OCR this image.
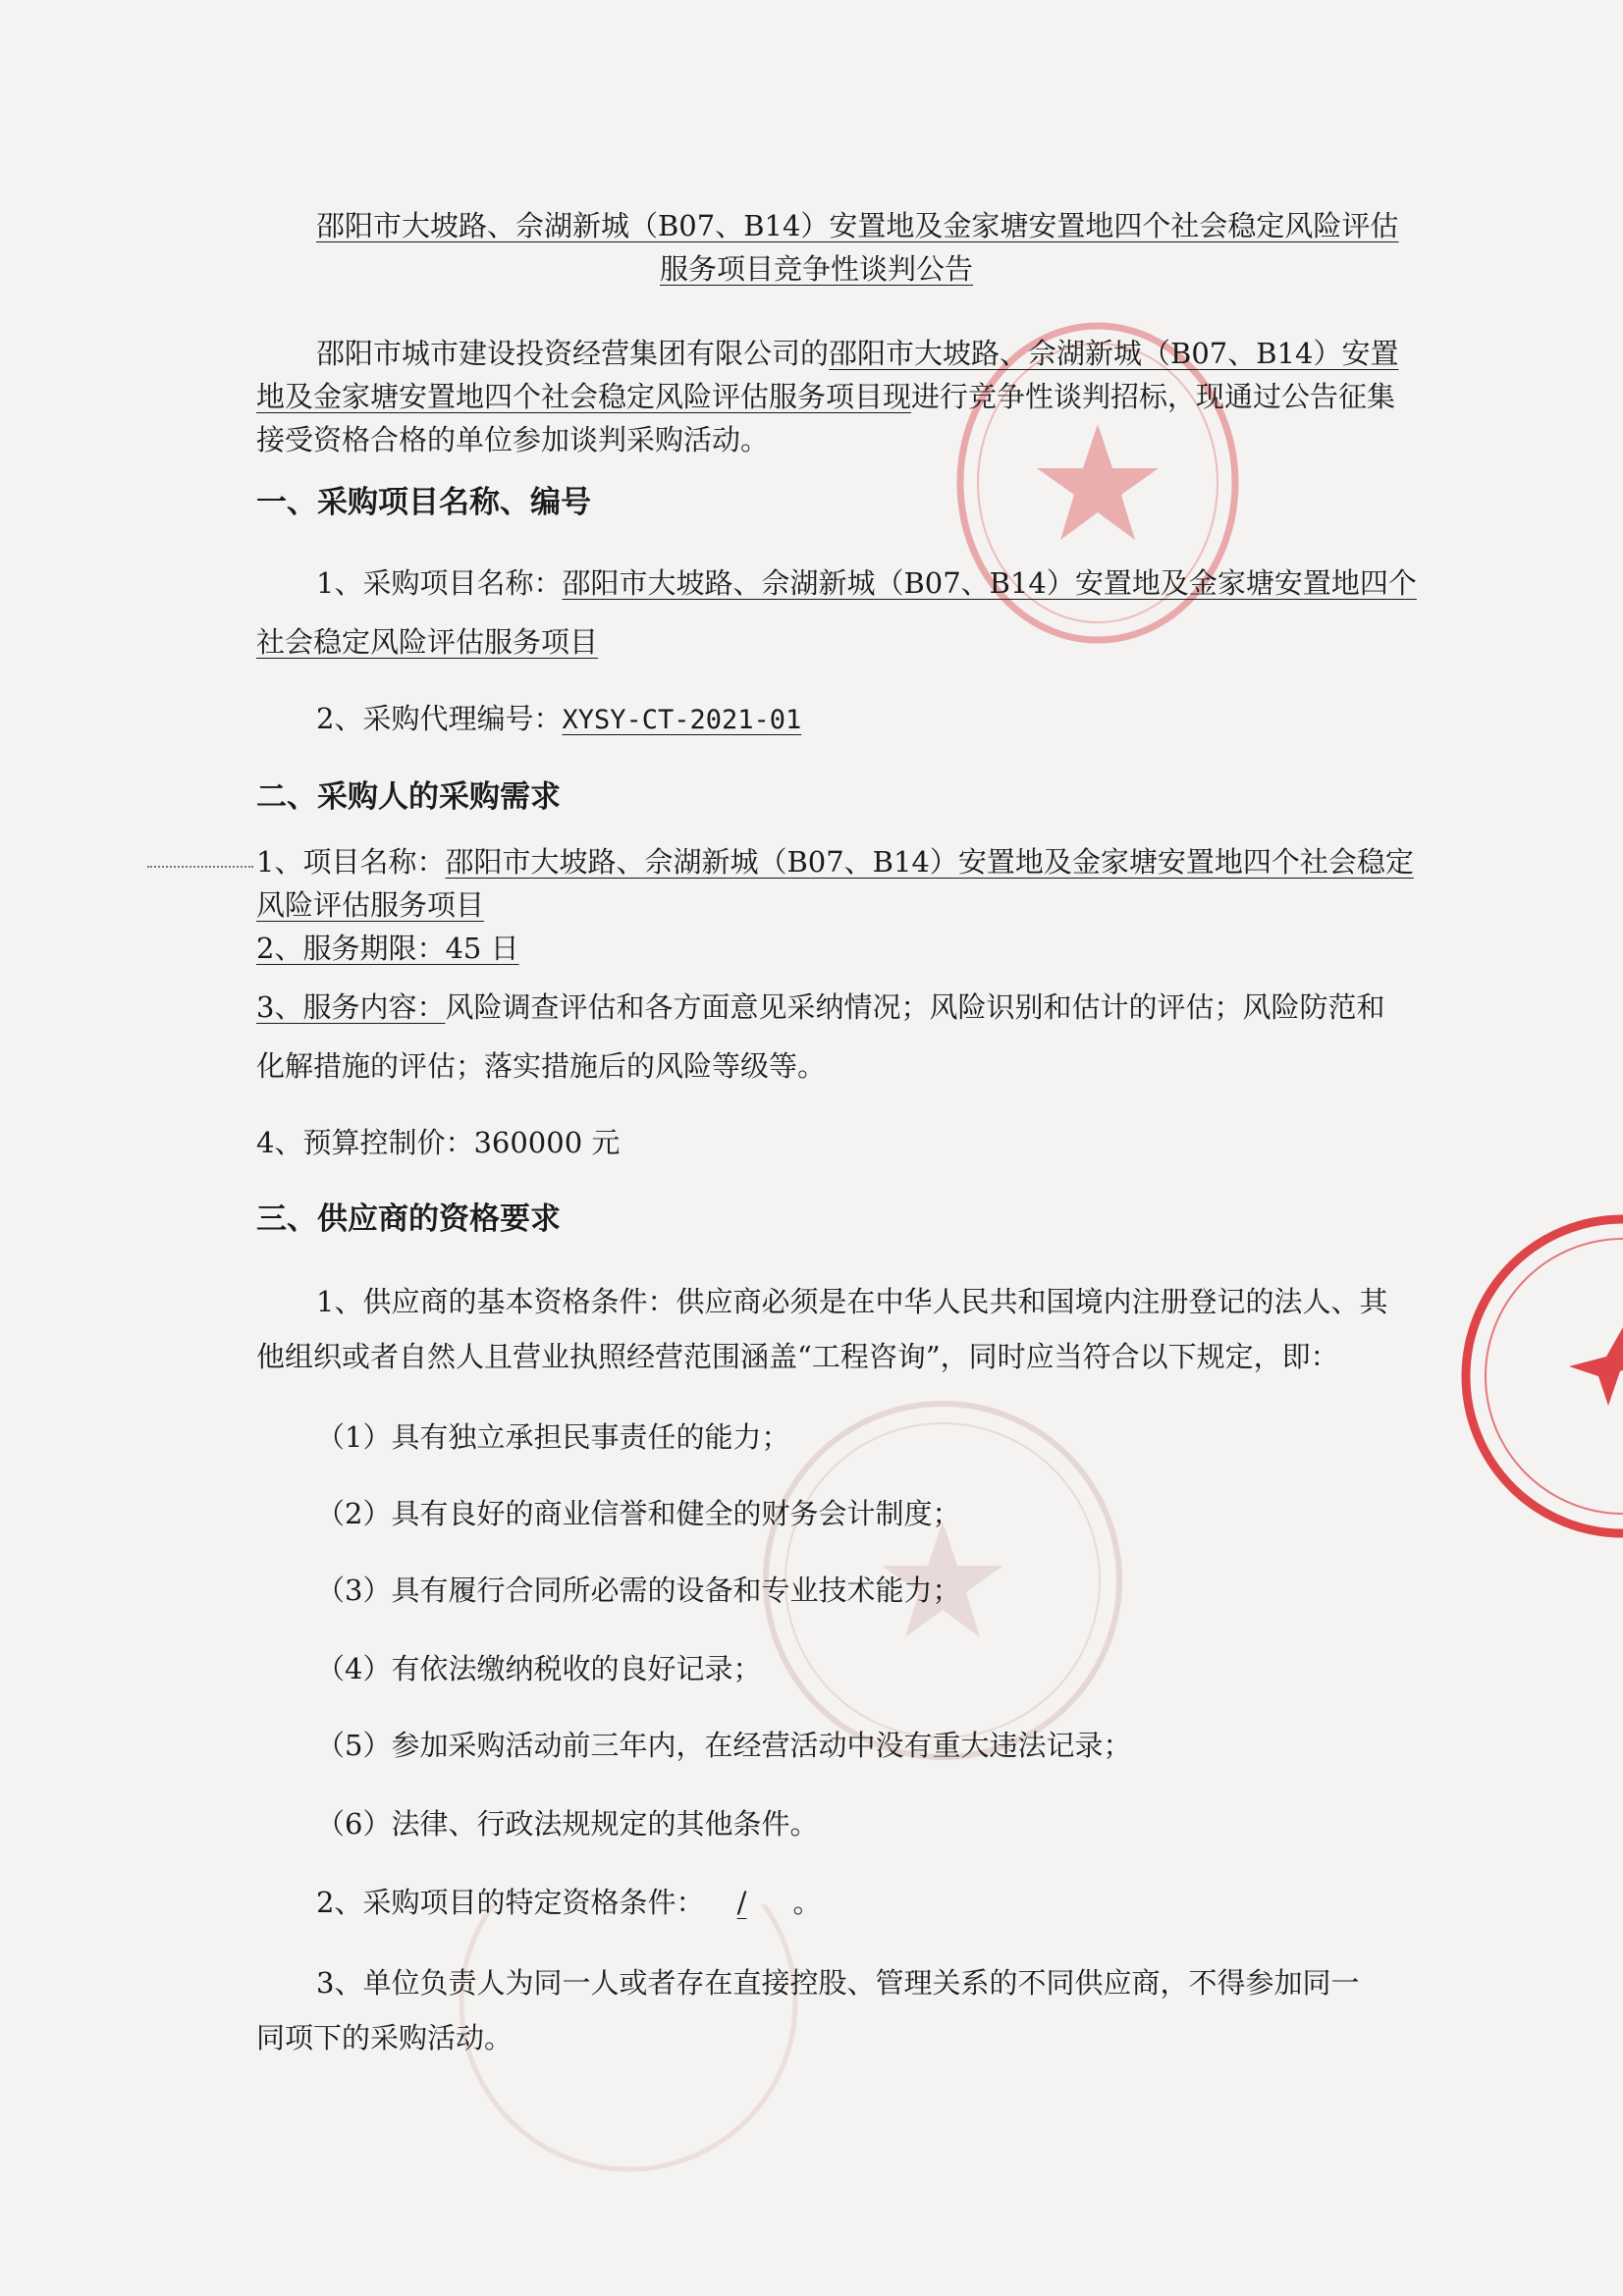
邵阳市大坡路、佘湖新城（B07、B14）安置地及金家塘安置地四个社会稳定风险评估
服务项目竞争性谈判公告
邵阳市城市建设投资经营集团有限公司的邵阳市大坡路、佘湖新城（B07、B14）安置
地及金家塘安置地四个社会稳定风险评估服务项目现进行竞争性谈判招标，现通过公告征集
接受资格合格的单位参加谈判采购活动。
一、采购项目名称、编号
1、采购项目名称：邵阳市大坡路、佘湖新城（B07、B14）安置地及金家塘安置地四个
社会稳定风险评估服务项目
2、采购代理编号：XYSY-CT-2021-01
二、采购人的采购需求
1、项目名称：邵阳市大坡路、佘湖新城（B07、B14）安置地及金家塘安置地四个社会稳定
风险评估服务项目
2、服务期限：45 日
3、服务内容：风险调查评估和各方面意见采纳情况；风险识别和估计的评估；风险防范和
化解措施的评估；落实措施后的风险等级等。
4、预算控制价：360000 元
三、供应商的资格要求
1、供应商的基本资格条件：供应商必须是在中华人民共和国境内注册登记的法人、其
他组织或者自然人且营业执照经营范围涵盖“工程咨询”，同时应当符合以下规定，即：
（1）具有独立承担民事责任的能力；
（2）具有良好的商业信誉和健全的财务会计制度；
（3）具有履行合同所必需的设备和专业技术能力；
（4）有依法缴纳税收的良好记录；
（5）参加采购活动前三年内，在经营活动中没有重大违法记录；
（6）法律、行政法规规定的其他条件。
2、采购项目的特定资格条件： / 。
3、单位负责人为同一人或者存在直接控股、管理关系的不同供应商，不得参加同一
同项下的采购活动。
